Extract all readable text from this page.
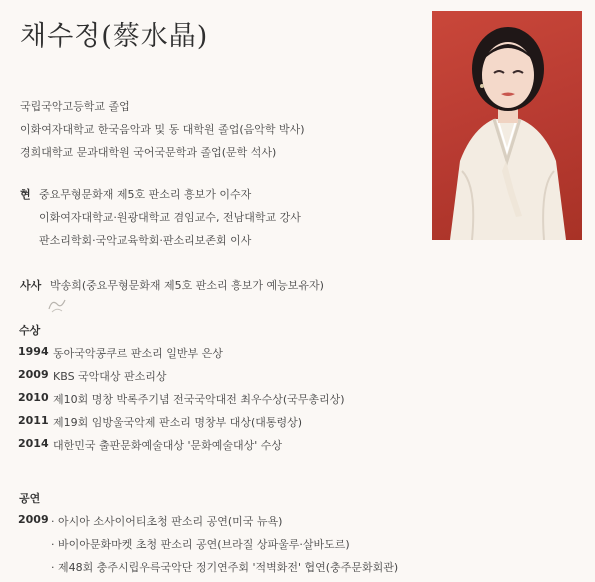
채수정(蔡水晶)
국립국악고등학교 졸업
이화여자대학교 한국음악과 및 동 대학원 졸업(음악학 박사)
경희대학교 문과대학원 국어국문학과 졸업(문학 석사)
현 중요무형문화재 제5호 판소리 흥보가 이수자
이화여자대학교·원광대학교 겸임교수, 전남대학교 강사
판소리학회·국악교육학회·판소리보존회 이사
사사 박송희(중요무형문화재 제5호 판소리 흥보가 예능보유자)
수상
1994 동아국악콩쿠르 판소리 일반부 은상
2009 KBS 국악대상 판소리상
2010 제10회 명창 박록주기념 전국국악대전 최우수상(국무총리상)
2011 제19회 임방울국악제 판소리 명창부 대상(대통령상)
2014 대한민국 출판문화예술대상 '문화예술대상' 수상
공연
2009 · 아시아 소사이어티초청 판소리 공연(미국 뉴욕)
· 바이아문화마켓 초청 판소리 공연(브라질 상파울루·살바도르)
· 제48회 충주시립우륵국악단 정기연주회 '적벽화전' 협연(충주문화회관)
